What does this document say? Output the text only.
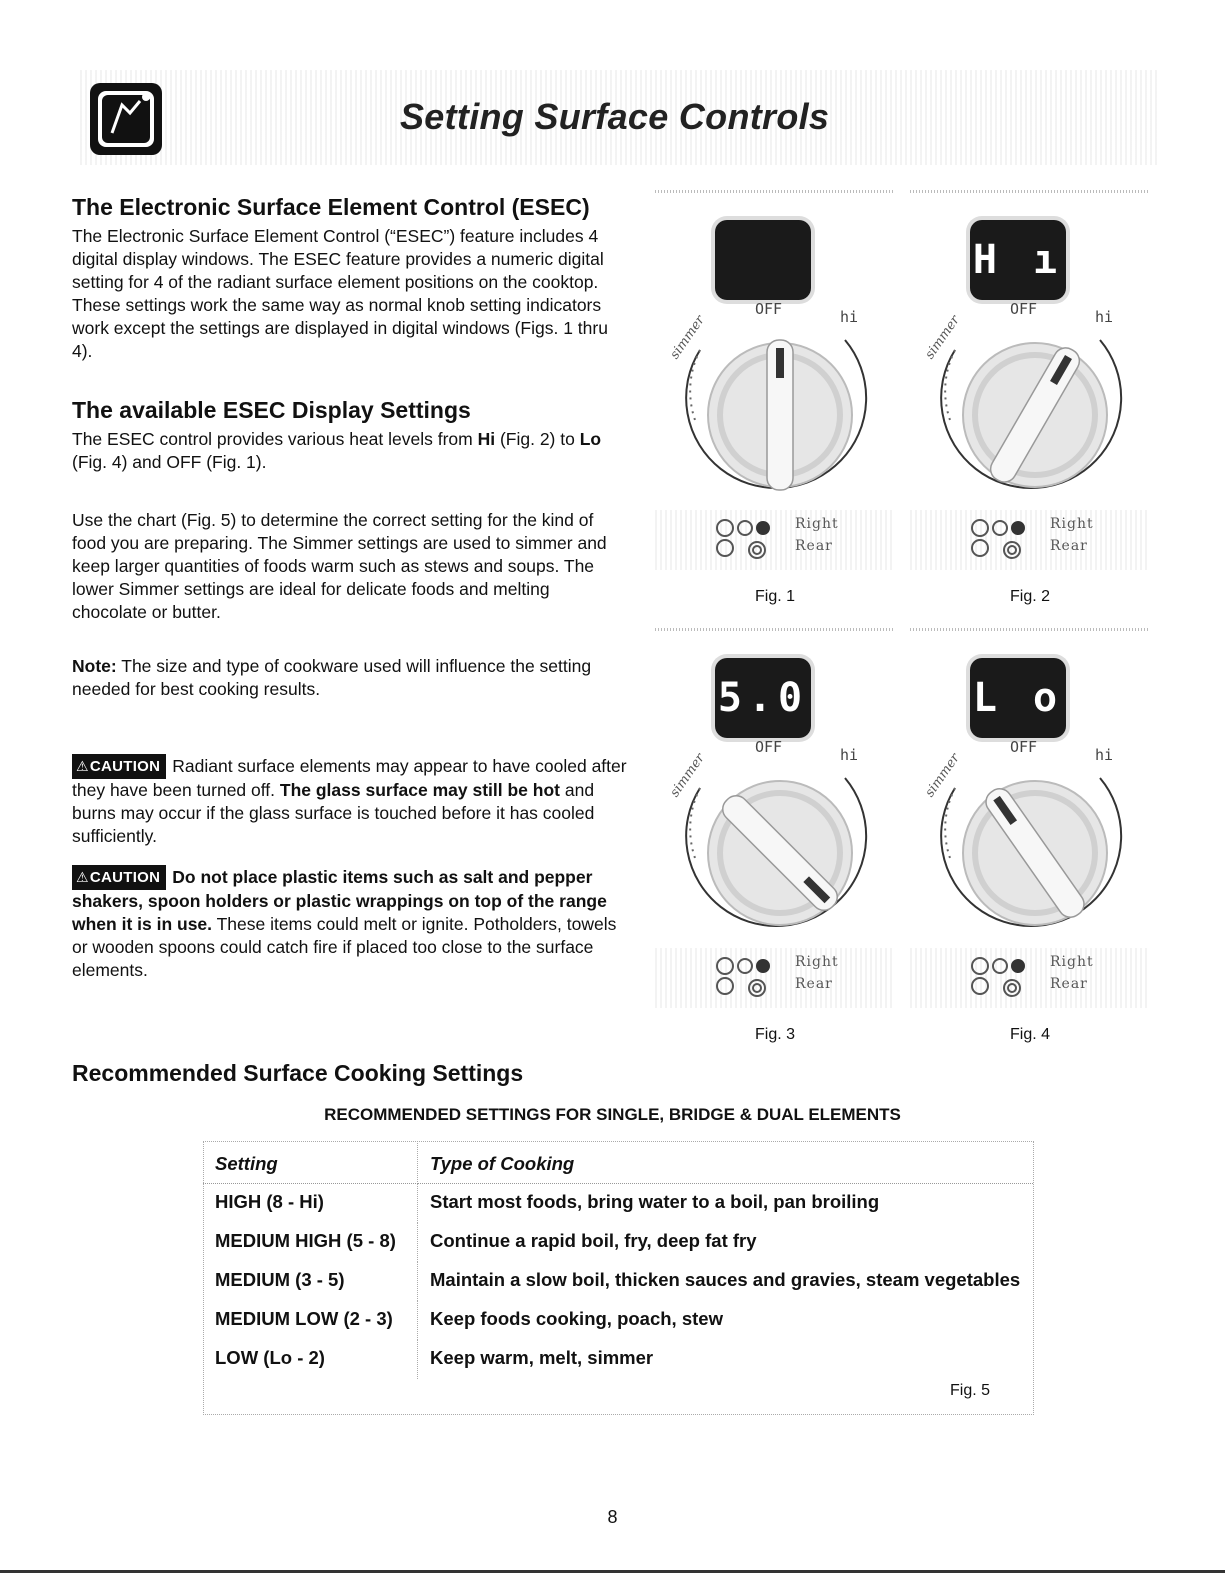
Setting Surface Controls
The Electronic Surface Element Control (ESEC)

The Electronic Surface Element Control (“ESEC”) feature includes 4 digital display windows. The ESEC feature provides a numeric digital setting for 4 of the radiant surface element positions on the cooktop. These settings work the same way as normal knob setting indicators work except the settings are displayed in digital windows (Figs. 1 thru 4).

The available ESEC Display Settings

The ESEC control provides various heat levels from Hi (Fig. 2) to Lo (Fig. 4) and OFF (Fig. 1).

Use the chart (Fig. 5) to determine the correct setting for the kind of food you are preparing. The Simmer settings are used to simmer and keep larger quantities of foods warm such as stews and soups. The lower Simmer settings are ideal for delicate foods and melting chocolate or butter.

Note: The size and type of cookware used will influence the setting needed for best cooking results.

⚠CAUTION Radiant surface elements may appear to have cooled after they have been turned off. The glass surface may still be hot and burns may occur if the glass surface is touched before it has cooled sufficiently.

⚠CAUTION Do not place plastic items such as salt and pepper shakers, spoon holders or plastic wrappings on top of the range when it is in use. These items could melt or ignite. Potholders, towels or wooden spoons could catch fire if placed too close to the surface elements.

OFF	hi
simmer
Right
Rear
Fig. 1
H ı
OFF	hi
simmer
Right
Rear
Fig. 2
5.0
OFF	hi
simmer
Right
Rear
Fig. 3
L o
OFF	hi
simmer
Right
Rear
Fig. 4
Recommended Surface Cooking Settings
RECOMMENDED SETTINGS FOR SINGLE, BRIDGE & DUAL ELEMENTS
Setting	Type of Cooking
HIGH (8 - Hi)	Start most foods, bring water to a boil, pan broiling
MEDIUM HIGH (5 - 8)	Continue a rapid boil, fry, deep fat fry
MEDIUM (3 - 5)	Maintain a slow boil, thicken sauces and gravies, steam vegetables
MEDIUM LOW (2 - 3)	Keep foods cooking, poach, stew
LOW (Lo - 2)	Keep warm, melt, simmer
Fig. 5
8
